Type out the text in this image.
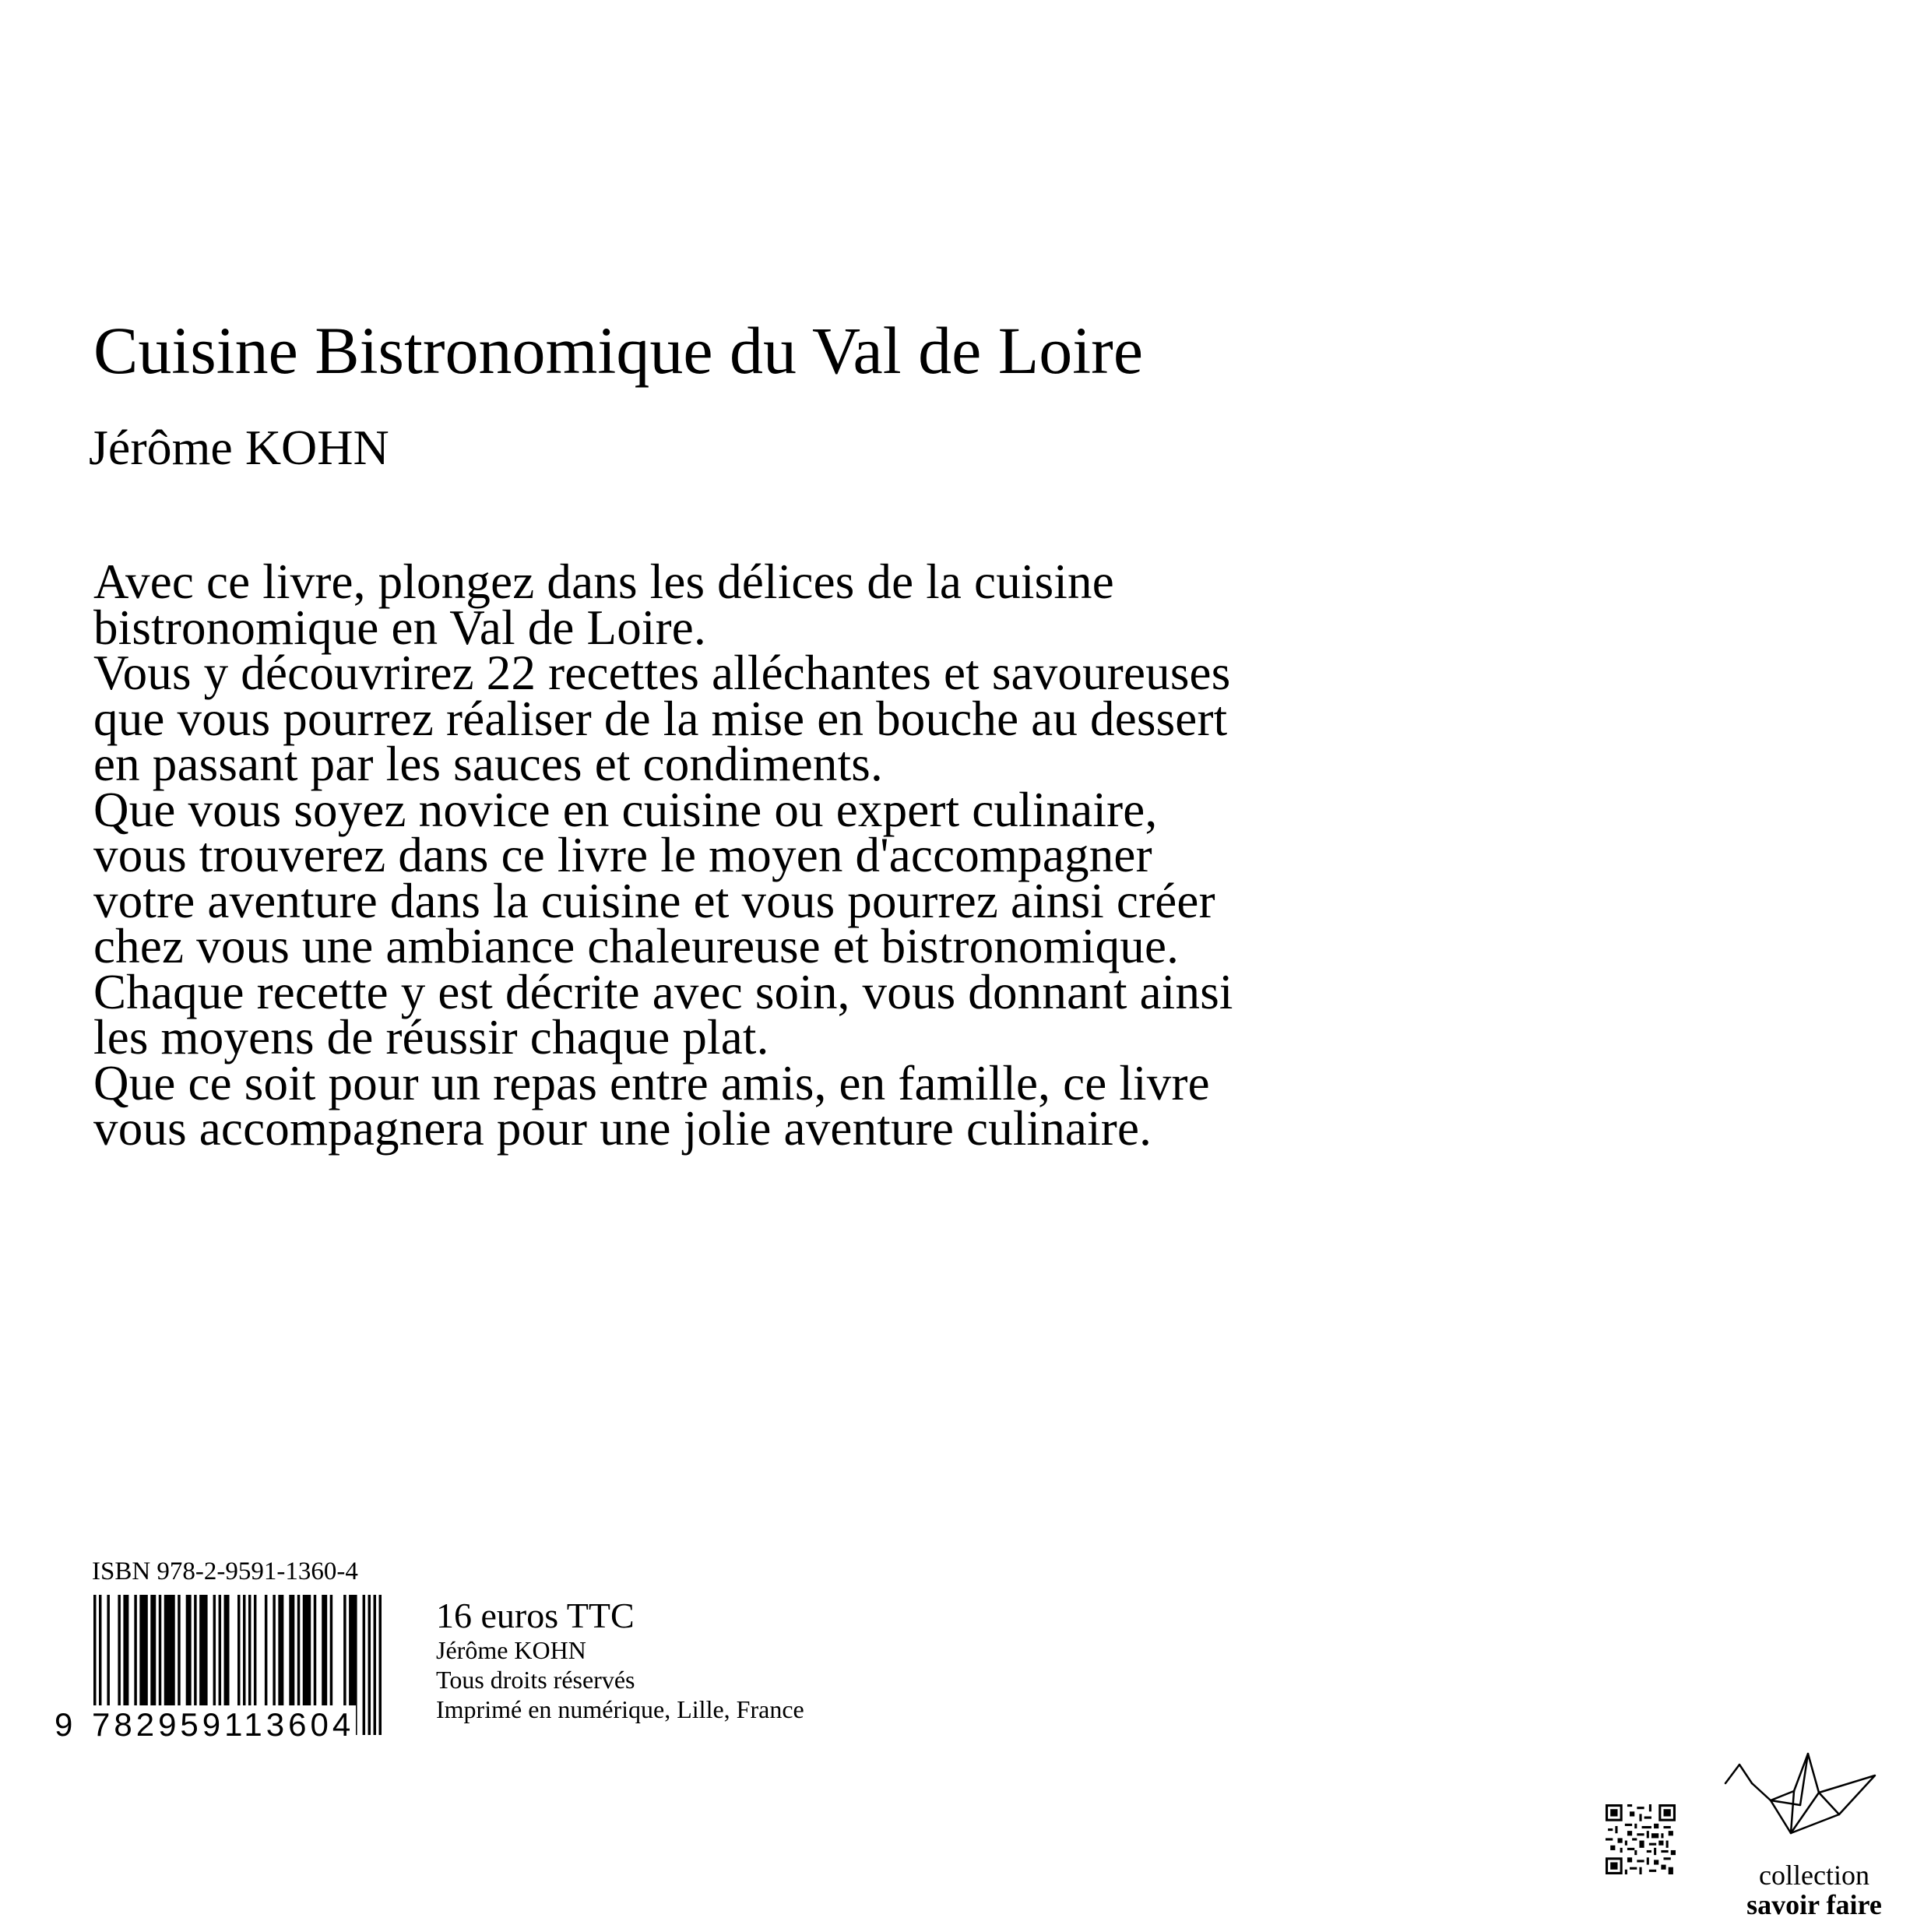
Cuisine Bistronomique du Val de Loire
Jérôme KOHN
Avec ce livre, plongez dans les délices de la cuisine
bistronomique en Val de Loire.
Vous y découvrirez 22 recettes alléchantes et savoureuses
que vous pourrez réaliser de la mise en bouche au dessert
en passant par les sauces et condiments.
Que vous soyez novice en cuisine ou expert culinaire,
vous trouverez dans ce livre le moyen d'accompagner
votre aventure dans la cuisine et vous pourrez ainsi créer
chez vous une ambiance chaleureuse et bistronomique.
Chaque recette y est décrite avec soin, vous donnant ainsi
les moyens de réussir chaque plat.
Que ce soit pour un repas entre amis, en famille, ce livre
vous accompagnera pour une jolie aventure culinaire.
ISBN 978-2-9591-1360-4
9 782959113604
16 euros TTC
Jérôme KOHN
Tous droits réservés
Imprimé en numérique, Lille, France
collection
savoir faire
